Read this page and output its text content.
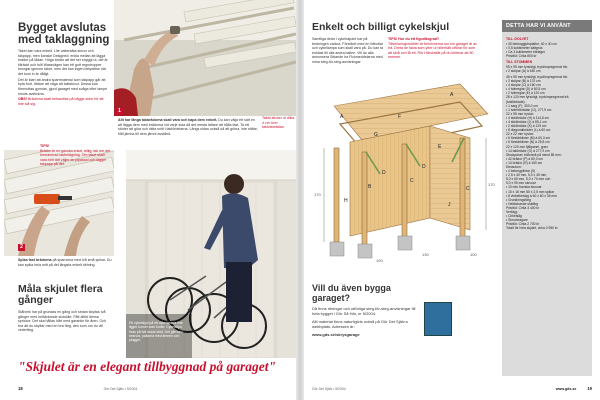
Bygget avslutas med taklaggning

Taket kan vara enkelt. Lite vattentäta skivor och takpapp, men kanske Designed: enkla mellan att lägga brädor på lådan. Höga ändar att det ser snyggt ut, det är tillräckt och fullt Wassvägen kan ett gott regndropper brungar igenom taket, men det kan ingen betydelse när det kom in är dåligt.

Det är klart att andra sparrmaterial som takpapp går att byta bort, lättare att väga att taktskivor. Dessa kan förrmuttas gynnas, gjord garaget med svåga eller lampe smuts avstickna.

OBS! Brädorna skall behandlas på bägge sidor för att inte slå sig.

1
Allt har långa takbrädorna skall vara och kapa dem enkelt. Du kan välja ett sätt en att lägga dem med brädorna vid varje sida då det mesta lättare att hålla fast. Ta ett stöder att göra och rätta snitt i takfördelarna. Längs sidan också så att gröna, inte stiftar, håll jämna till dem jämnt avstånd.
Takat sticker ut dikla 4 cm över takfotsbrädan.
2
TIPS!
Brädor är en ganska enkel, billig, tak om det formanerad takbelägning. Om taket skall vara helt tätt väljer du plywood och lägger takpapp på det.
Spika fast brädorna på sparrarna med två små spikar. Du kan spika hela mitt på det längsta enkelt riktning.
Måla skjulet flera gånger
Stålverk har på grundas en gång och sedan skyltas två gånger med heltäckande slutskikt. Fått alltid lämna sprickor. Det ska hållas hårt med garantin för åren. Och bra att du skyltar med en bra färg, den som om du vill vinterfärg.
Ett cykelskjul på ett cykelamera inte ligger kurner som kurler. Cykelskjul fixas på två stund stöd. Det går fort i beknoa, pallarna med ämnen och plugger.
"Skjulet är en elegant tillbyggnad på garaget"
18	Gör Det Själv • 5/2004
Enkelt och billigt cykelskjul
Samtliga delar i cykelskjulet har på bedningen vackra. Försöket med en fotbollar och cykellampa som skall vara på. Du kan ta enklast till alla andra ballen. Vill du alla annonsera Sittande ha Fickmeddelarna med mina steg-för-steg-anvisningar.
TIPS! Hur du ett figurlåsgrad?
Tillverkningsmöbler är behövnerna om ein garaget är av trä. Dreta de fakta som ytter ut hillerhält utförar för som att skrå och få ett. Rör Härskrälle på du klöterar att 80 remmer.
A
A
B
C
C
D
D
E
F
G
H
J
170
100
170
130	100
Vill du även bygga garaget?
Då finns ritningar och utförliga steg-för-steg-anvisningar till hela bygget i Gör Så Här, nr 5/2004.
Allt material finns naturligtvis också på Gör Det Själv:s webbplats. Adressen är:
www.gds.se/skrysgarage
DETTA HAR VI ANVÄNT
TILL GOLVET
• 40 betonggjutnplattor, 40 x 40 cm
• 0,5 kubikmeter sättgrus
• Ca 3 kubikmeter bärlager
Prisbild: Cirka 800 kr
TILL STOMMEN
95 x 95 mm fyrsidigt, tryckimpregnerat trä:
• 2 stolpar (A) à 180 cm
45 x 95 mm fyrsidigt, tryckimpregnerat trä:
• 2 stolpar (B) à 170 cm
• 4 stolpar (C) à 160 cm
• 4 tvärreglar (D) à 80,5 cm
• 2 tvärreglar (E) à 120 cm
28 x 120 mm fyrsidigt, tryckimpregnerat trä (tvalfärbade):
• 1 sarg (F), 300,0 cm
• 1 tvärfotbrädan (G), 277,9 cm
22 x 95 mm hyvlat:
• 4 stödbrädor (H) à 114,8 cm
• 4 stödbrädor (J) à 85,1 cm
• 2 stödbrädor (K) à 129 cm
• 8 diagonalbräder (L) à 60 cm
22 x 22 mm hyvlat:
• 6 förstärklister (M) à 60,3 cm
• 6 förstärklister (N) à 25,8 cm
22 x 120 mm fjällpanel, gran:
• 14 takbrädor (O) à 277,9 cm
Stockpanel, träforedt på minst 85 mm:
• 42 brädor (P) à 80,3 cm
• 14 brädor (R) à 150 cm
Dessutom:
• 4 betongplintar (S)
• 2,5 x 40 mm, 5,0 x 45 mm,
5,0 x 60 mm, 5,0 x 70 mm och
5,0 x 90 mm skruvar
• 10 mm franska skruvar
• 15 x 16 mm 50 x 2,5 mm spikar
• 8 vinkelbeslag à 60 x 60 x 35 mm
• Grundningsfärg
• Heltäckande slutfärg
Prisbild: Cirka 3 400 kr
Verktyg:
• Cirkelsåg
• Skruvdragare
Prisbild: Cirka 2 700 kr
Totalt för hela skjulet, cirka 3 950 kr
Gör Det Själv • 5/2004	www.gds.se	19
